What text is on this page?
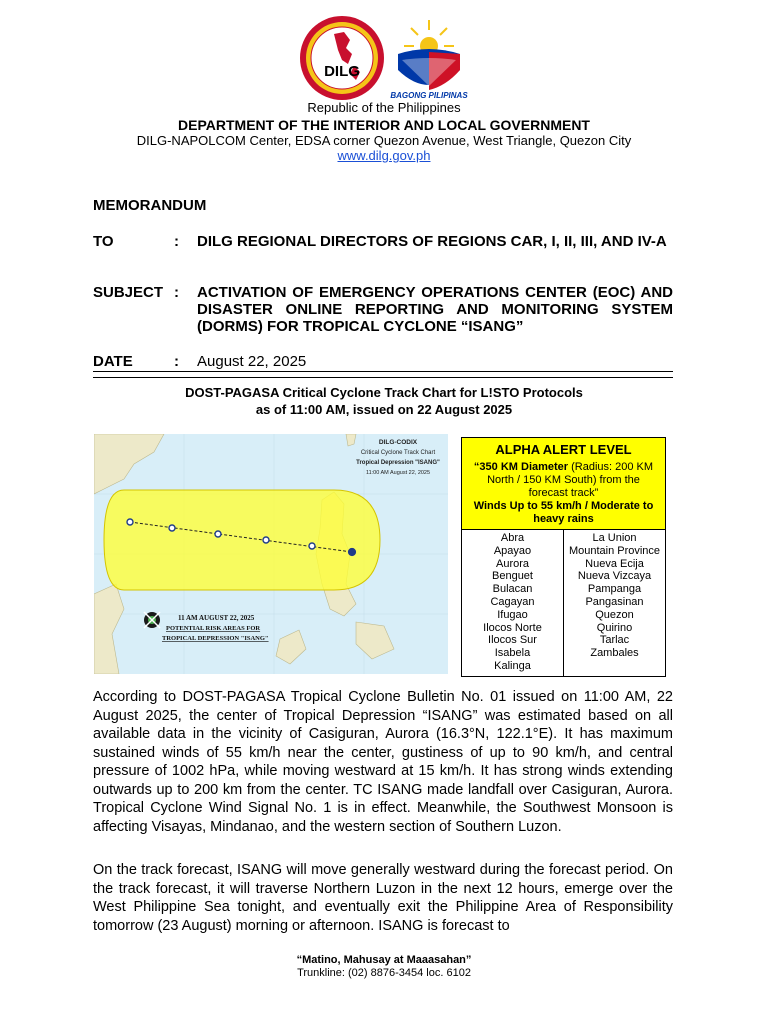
DILG
BAGONG PILIPINAS
Republic of the Philippines
DEPARTMENT OF THE INTERIOR AND LOCAL GOVERNMENT
DILG-NAPOLCOM Center, EDSA corner Quezon Avenue, West Triangle, Quezon City
www.dilg.gov.ph
MEMORANDUM
TO	: DILG REGIONAL DIRECTORS OF REGIONS CAR, I, II, III, AND IV-A
SUBJECT : ACTIVATION OF EMERGENCY OPERATIONS CENTER (EOC) AND DISASTER ONLINE REPORTING AND MONITORING SYSTEM (DORMS) FOR TROPICAL CYCLONE “ISANG”
DATE	: August 22, 2025
DOST-PAGASA Critical Cyclone Track Chart for L!STO Protocols
as of 11:00 AM, issued on 22 August 2025
DILG-CODIX
Critical Cyclone Track Chart
Tropical Depression "ISANG"
11:00 AM August 22, 2025
11 AM AUGUST 22, 2025
POTENTIAL RISK AREAS FOR
TROPICAL DEPRESSION "ISANG"
ALPHA ALERT LEVEL
“350 KM Diameter (Radius: 200 KM North / 150 KM South) from the forecast track”
Winds Up to 55 km/h / Moderate to heavy rains
Abra
Apayao
Aurora
Benguet
Bulacan
Cagayan
Ifugao
Ilocos Norte
Ilocos Sur
Isabela
Kalinga
La Union
Mountain Province
Nueva Ecija
Nueva Vizcaya
Pampanga
Pangasinan
Quezon
Quirino
Tarlac
Zambales
According to DOST-PAGASA Tropical Cyclone Bulletin No. 01 issued on 11:00 AM, 22 August 2025, the center of Tropical Depression “ISANG” was estimated based on all available data in the vicinity of Casiguran, Aurora (16.3°N, 122.1°E). It has maximum sustained winds of 55 km/h near the center, gustiness of up to 90 km/h, and central pressure of 1002 hPa, while moving westward at 15 km/h. It has strong winds extending outwards up to 200 km from the center. TC ISANG made landfall over Casiguran, Aurora. Tropical Cyclone Wind Signal No. 1 is in effect. Meanwhile, the Southwest Monsoon is affecting Visayas, Mindanao, and the western section of Southern Luzon.
On the track forecast, ISANG will move generally westward during the forecast period. On the track forecast, it will traverse Northern Luzon in the next 12 hours, emerge over the West Philippine Sea tonight, and eventually exit the Philippine Area of Responsibility tomorrow (23 August) morning or afternoon. ISANG is forecast to
“Matino, Mahusay at Maaasahan”
Trunkline: (02) 8876-3454 loc. 6102
